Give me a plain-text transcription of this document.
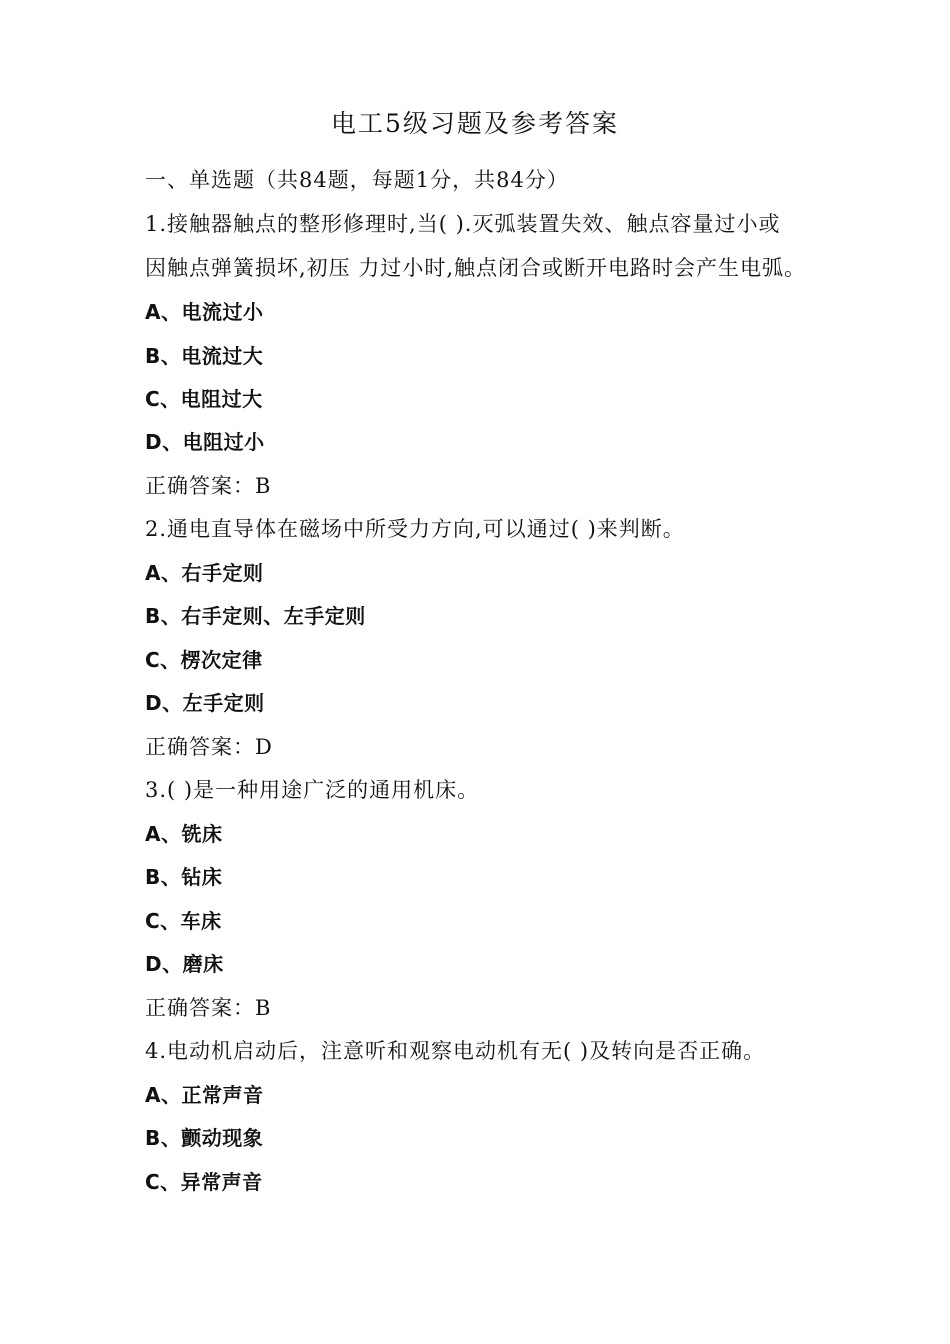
电工5级习题及参考答案
一、单选题（共84题，每题1分，共84分）
1.接触器触点的整形修理时,当( ).灭弧装置失效、触点容量过小或
因触点弹簧损坏,初压 力过小时,触点闭合或断开电路时会产生电弧。
A、电流过小
B、电流过大
C、电阻过大
D、电阻过小
正确答案：B
2.通电直导体在磁场中所受力方向,可以通过( )来判断。
A、右手定则
B、右手定则、左手定则
C、楞次定律
D、左手定则
正确答案：D
3.( )是一种用途广泛的通用机床。
A、铣床
B、钻床
C、车床
D、磨床
正确答案：B
4.电动机启动后，注意听和观察电动机有无( )及转向是否正确。
A、正常声音
B、颤动现象
C、异常声音
